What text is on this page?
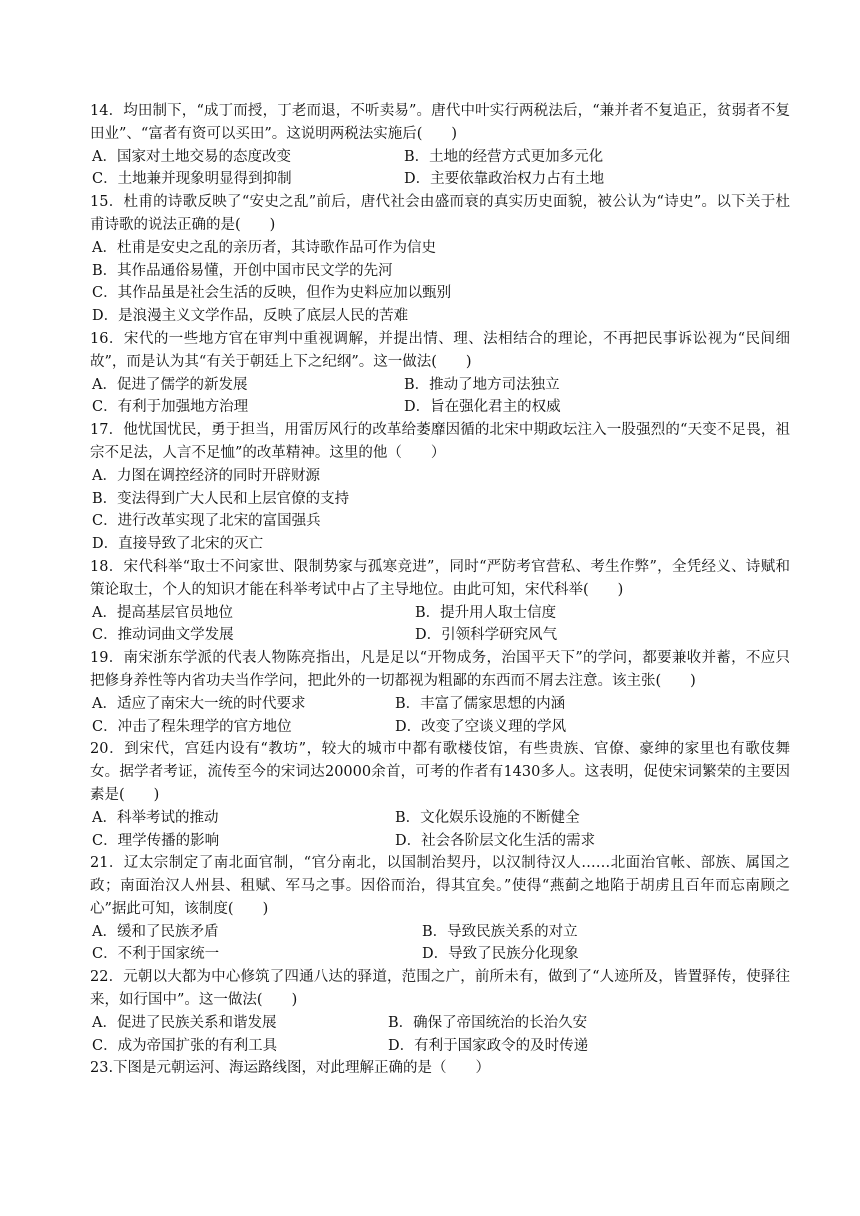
14．均田制下，“成丁而授，丁老而退，不听卖易”。唐代中叶实行两税法后，“兼并者不复追正，贫弱者不复田业”、“富者有资可以买田”。这说明两税法实施后(　　)
A．国家对土地交易的态度改变	B．土地的经营方式更加多元化
C．土地兼并现象明显得到抑制	D．主要依靠政治权力占有土地
15．杜甫的诗歌反映了“安史之乱”前后，唐代社会由盛而衰的真实历史面貌，被公认为“诗史”。以下关于杜甫诗歌的说法正确的是(　　)
A．杜甫是安史之乱的亲历者，其诗歌作品可作为信史
B．其作品通俗易懂，开创中国市民文学的先河
C．其作品虽是社会生活的反映，但作为史料应加以甄别
D．是浪漫主义文学作品，反映了底层人民的苦难
16．宋代的一些地方官在审判中重视调解，并提出情、理、法相结合的理论，不再把民事诉讼视为“民间细故”，而是认为其“有关于朝廷上下之纪纲”。这一做法(　　)
A．促进了儒学的新发展	B．推动了地方司法独立
C．有利于加强地方治理	D．旨在强化君主的权威
17．他忧国忧民，勇于担当，用雷厉风行的改革给萎靡因循的北宋中期政坛注入一股强烈的“天变不足畏，祖宗不足法，人言不足恤”的改革精神。这里的他（　　）
A．力图在调控经济的同时开辟财源
B．变法得到广大人民和上层官僚的支持
C．进行改革实现了北宋的富国强兵
D．直接导致了北宋的灭亡
18．宋代科举“取士不问家世、限制势家与孤寒竞进”，同时“严防考官营私、考生作弊”，全凭经义、诗赋和策论取士，个人的知识才能在科举考试中占了主导地位。由此可知，宋代科举(　　)
A．提高基层官员地位	B．提升用人取士信度
C．推动词曲文学发展	D．引领科学研究风气
19．南宋浙东学派的代表人物陈亮指出，凡是足以“开物成务，治国平天下”的学问，都要兼收并蓄，不应只把修身养性等内省功夫当作学问，把此外的一切都视为粗鄙的东西而不屑去注意。该主张(　　)
A．适应了南宋大一统的时代要求	B．丰富了儒家思想的内涵
C．冲击了程朱理学的官方地位	D．改变了空谈义理的学风
20．到宋代，宫廷内设有“教坊”，较大的城市中都有歌楼伎馆，有些贵族、官僚、豪绅的家里也有歌伎舞女。据学者考证，流传至今的宋词达20000余首，可考的作者有1430多人。这表明，促使宋词繁荣的主要因素是(　　)
A．科举考试的推动	B．文化娱乐设施的不断健全
C．理学传播的影响	D．社会各阶层文化生活的需求
21．辽太宗制定了南北面官制，“官分南北，以国制治契丹，以汉制待汉人……北面治官帐、部族、属国之政；南面治汉人州县、租赋、军马之事。因俗而治，得其宜矣。”使得“燕蓟之地陷于胡虏且百年而忘南顾之心”据此可知，该制度(　　)
A．缓和了民族矛盾	B．导致民族关系的对立
C．不利于国家统一	D．导致了民族分化现象
22．元朝以大都为中心修筑了四通八达的驿道，范围之广，前所未有，做到了“人迹所及，皆置驿传，使驿往来，如行国中”。这一做法(　　)
A．促进了民族关系和谐发展	B．确保了帝国统治的长治久安
C．成为帝国扩张的有利工具	D．有利于国家政令的及时传递
23.下图是元朝运河、海运路线图，对此理解正确的是（　　）
